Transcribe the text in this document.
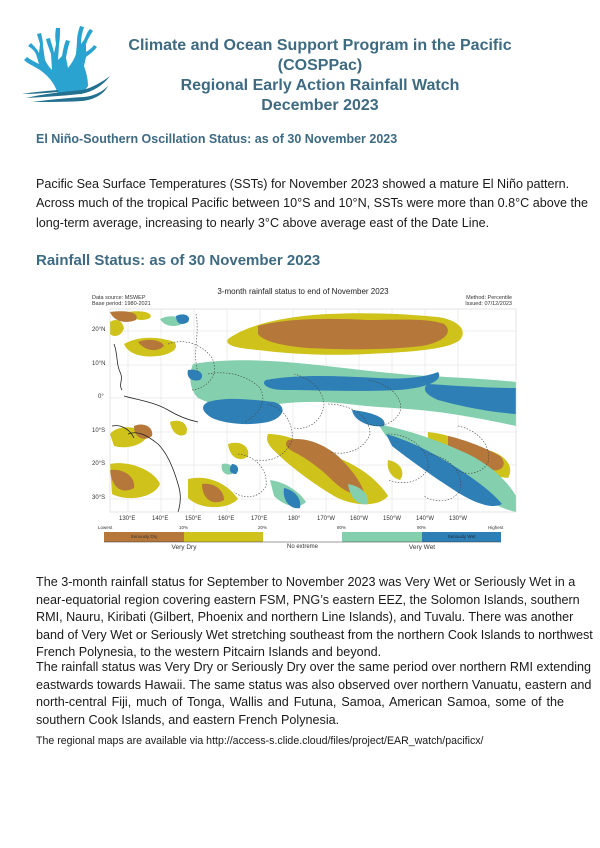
Climate and Ocean Support Program in the Pacific
(COSPPac)
Regional Early Action Rainfall Watch
December 2023
El Niño-Southern Oscillation Status: as of 30 November 2023
Pacific Sea Surface Temperatures (SSTs) for November 2023 showed a mature El Niño pattern.
Across much of the tropical Pacific between 10°S and 10°N, SSTs were more than 0.8°C above the
long-term average, increasing to nearly 3°C above average east of the Date Line.
Rainfall Status: as of 30 November 2023
3-month rainfall status to end of November 2023
Data source: MSWEP
Base period: 1980-2021
Method: Percentile
Issued: 07/12/2023
20°N
10°N
0°
10°S
20°S
30°S
130°E	140°E	150°E	160°E	170°E	180°	170°W 160°W 150°W 140°W 130°W
Lowest	10%	20%	80%	90%	Highest
Seriously Dry	Seriously Wet
Very Dry	No extreme	Very Wet
The 3-month rainfall status for September to November 2023 was Very Wet or Seriously Wet in a
near-equatorial region covering eastern FSM, PNG’s eastern EEZ, the Solomon Islands, southern
RMI, Nauru, Kiribati (Gilbert, Phoenix and northern Line Islands), and Tuvalu. There was another
band of Very Wet or Seriously Wet stretching southeast from the northern Cook Islands to northwest
French Polynesia, to the western Pitcairn Islands and beyond.
The rainfall status was Very Dry or Seriously Dry over the same period over northern RMI extending
eastwards towards Hawaii. The same status was also observed over northern Vanuatu, eastern and
north-central Fiji, much of Tonga, Wallis and Futuna, Samoa, American Samoa, some of the
southern Cook Islands, and eastern French Polynesia.
The regional maps are available via http://access-s.clide.cloud/files/project/EAR_watch/pacificx/
